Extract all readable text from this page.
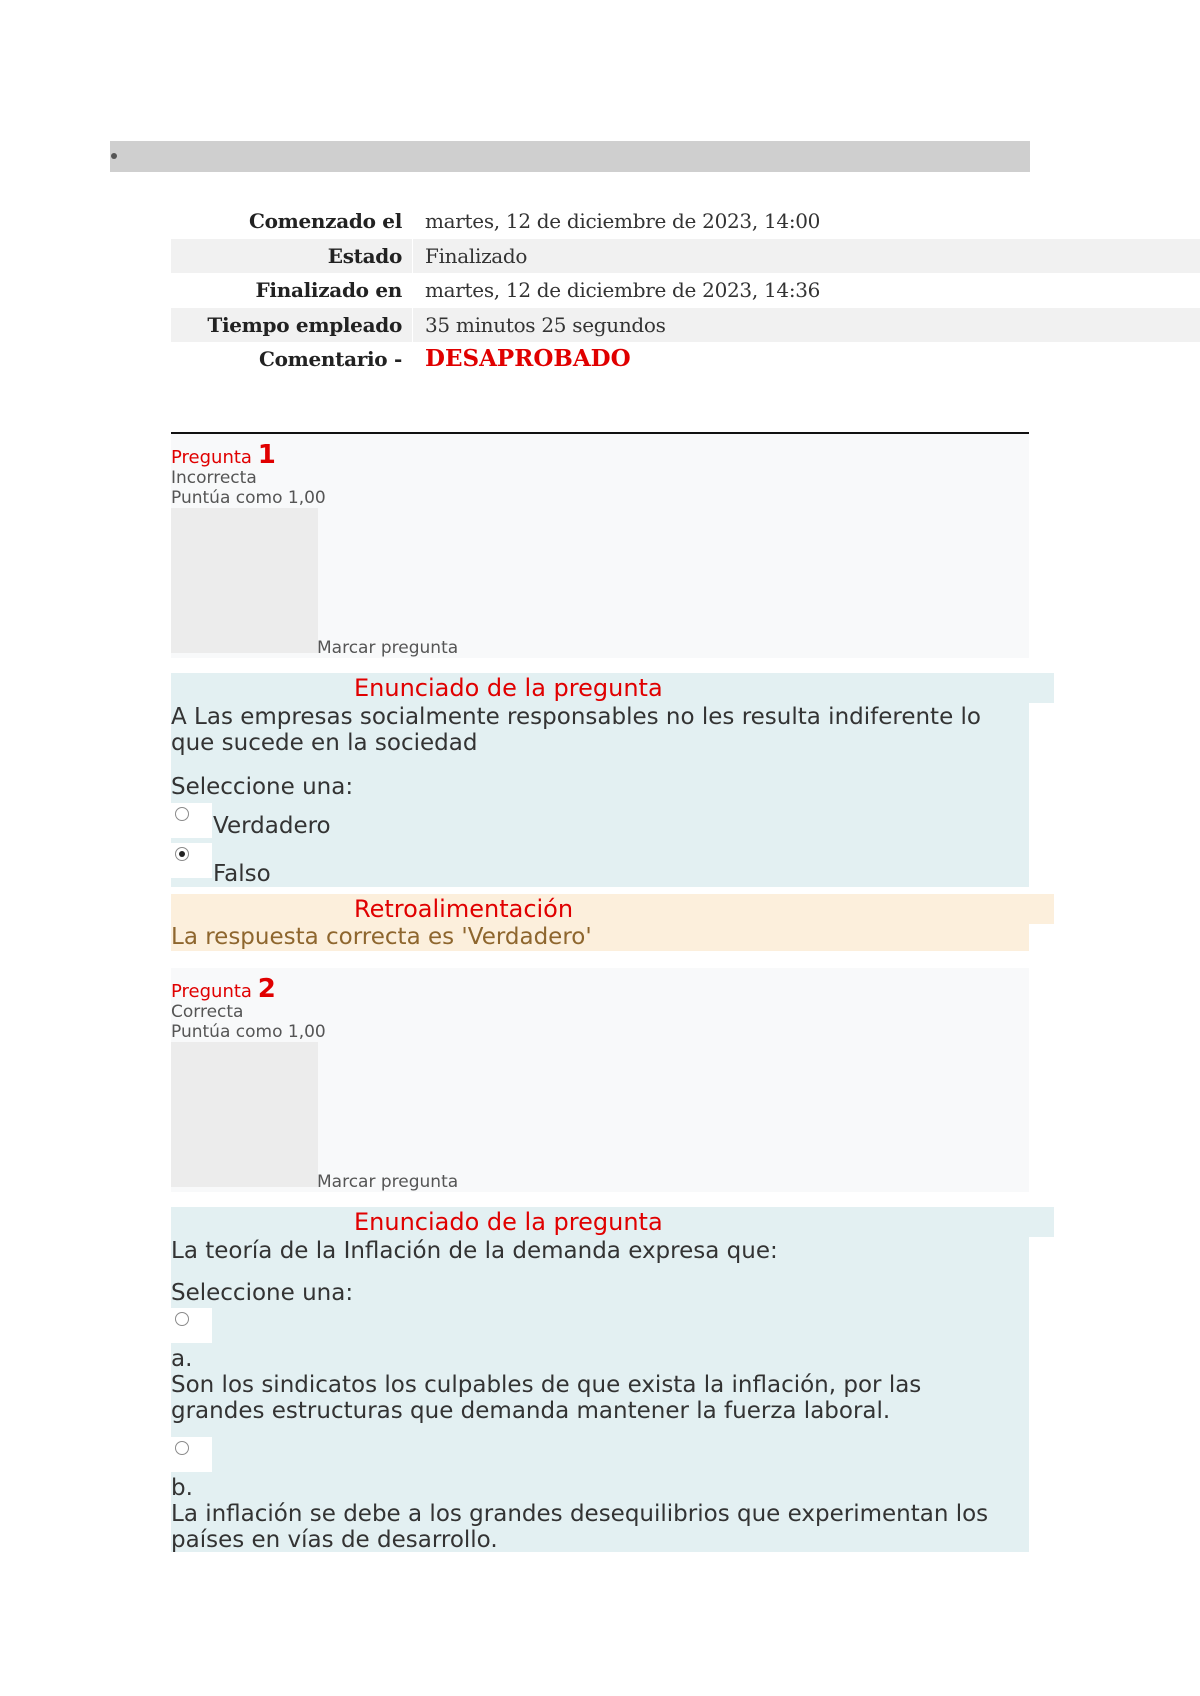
Comenzado el martes, 12 de diciembre de 2023, 14:00
Estado Finalizado
Finalizado en martes, 12 de diciembre de 2023, 14:36
Tiempo empleado 35 minutos 25 segundos
Comentario - DESAPROBADO
Pregunta 1
Incorrecta
Puntúa como 1,00
Marcar pregunta
Enunciado de la pregunta
A Las empresas socialmente responsables no les resulta indiferente lo que sucede en la sociedad
Seleccione una:
Verdadero
Falso
Retroalimentación
La respuesta correcta es 'Verdadero'
Pregunta 2
Correcta
Puntúa como 1,00
Marcar pregunta
Enunciado de la pregunta
La teoría de la Inflación de la demanda expresa que:
Seleccione una:
a.
Son los sindicatos los culpables de que exista la inflación, por las grandes estructuras que demanda mantener la fuerza laboral.
b.
La inflación se debe a los grandes desequilibrios que experimentan los países en vías de desarrollo.
